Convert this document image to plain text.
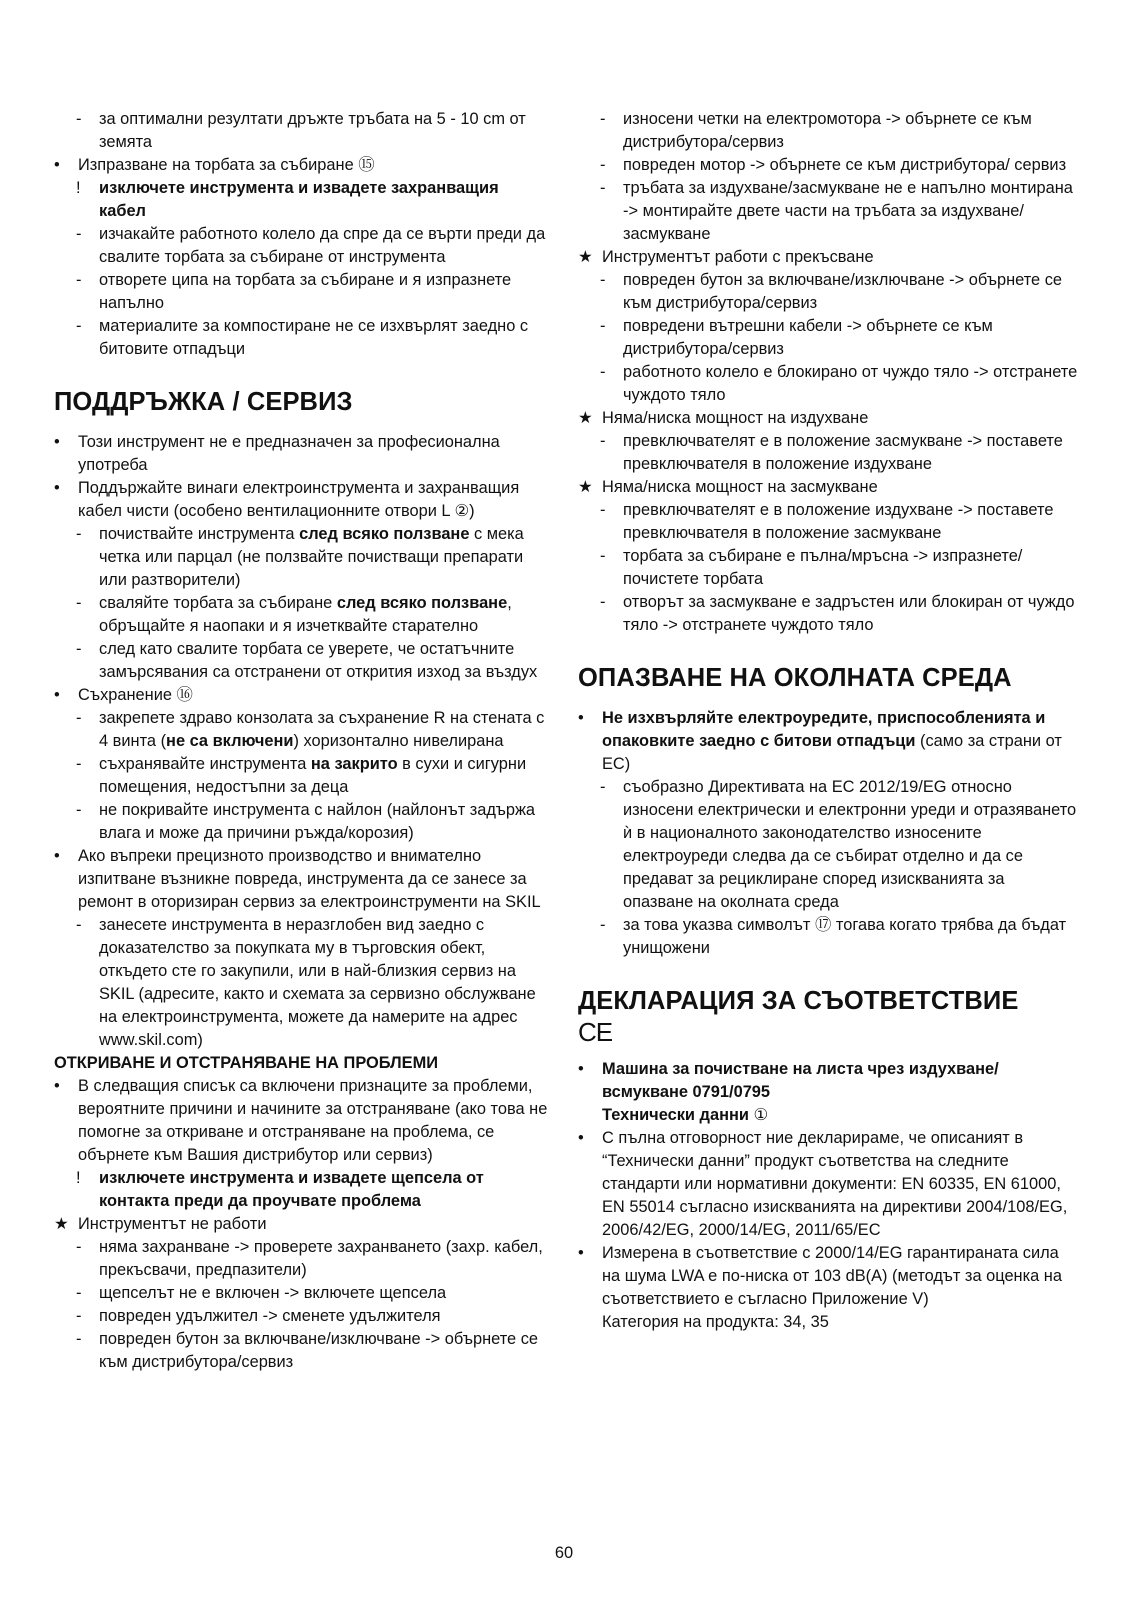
- за оптимални резултати дръжте тръбата на 5 - 10 cm от земята
• Изпразване на торбата за събиране ⑮
! изключете инструмента и извадете захранващия кабел
- изчакайте работното колело да спре да се върти преди да свалите торбата за събиране от инструмента
- отворете ципа на торбата за събиране и я изпразнете напълно
- материалите за компостиране не се изхвърлят заедно с битовите отпадъци
ПОДДРЪЖКА / СЕРВИЗ
• Този инструмент не е предназначен за професионална употреба
• Поддържайте винаги електроинструмента и захранващия кабел чисти (особено вентилационните отвори L ②)
- почиствайте инструмента след всяко ползване с мека четка или парцал (не ползвайте почистващи препарати или разтворители)
- сваляйте торбата за събиране след всяко ползване, обръщайте я наопаки и я изчетквайте старателно
- след като свалите торбата се уверете, че остатъчните замърсявания са отстранени от откриτия изход за въздух
• Съхранение ⑯
- закрепете здраво конзолата за съхранение R на стената с 4 винта (не са включени) хоризонтално нивелирана
- съхранявайте инструмента на закрито в сухи и сигурни помещения, недостъпни за деца
- не покривайте инструмента с найлон (найлонът задържа влага и може да причини ръжда/корозия)
• Ако въпреки прецизното производство и внимателно изпитване възникне повреда, инструмента да се занесе за ремонт в оторизиран сервиз за електроинструменти на SKIL
- занесете инструмента в неразглобен вид заедно с доказателство за покупката му в търговския обект, откъдето сте го закупили, или в най-близкия сервиз на SKIL (адресите, както и схемата за сервизно обслужване на електроинструмента, можете да намерите на адрес www.skil.com)
ОТКРИВАНЕ И ОТСТРАНЯВАНЕ НА ПРОБЛЕМИ
• В следващия списък са включени признаците за проблеми, вероятните причини и начините за отстраняване (ако това не помогне за откриване и отстраняване на проблема, се обърнете към Вашия дистрибутор или сервиз)
! изключете инструмента и извадете щепсела от контакта преди да проучвате проблема
★ Инструментът не работи
- няма захранване -> проверете захранването (захр. кабел, прекъсвачи, предпазители)
- щепселът не е включен -> включете щепсела
- повреден удължител -> сменете удължителя
- повреден бутон за включване/изключване -> обърнете се към дистрибутора/сервиз
- износени четки на електромотора -> обърнете се към дистрибутора/сервиз
- повреден мотор -> обърнете се към дистрибутора/ сервиз
- тръбата за издухване/засмукване не е напълно монтирана -> монтирайте двете части на тръбата за издухване/засмукване
★ Инструментът работи с прекъсване
- повреден бутон за включване/изключване -> обърнете се към дистрибутора/сервиз
- повредени вътрешни кабели -> обърнете се към дистрибутора/сервиз
- работното колело е блокирано от чуждо тяло -> отстранете чуждото тяло
★ Няма/ниска мощност на издухване
- превключвателят е в положение засмукване -> поставете превключвателя в положение издухване
★ Няма/ниска мощност на засмукване
- превключвателят е в положение издухване -> поставете превключвателя в положение засмукване
- торбата за събиране е пълна/мръсна -> изпразнете/почистете торбата
- отворът за засмукване е задръстен или блокиран от чуждо тяло -> отстранете чуждото тяло
ОПАЗВАНЕ НА ОКОЛНАТА СРЕДА
• Не изхвърляйте електроуредите, приспособленията и опаковките заедно с битови отпадъци (само за страни от ЕС)
- съобразно Директивата на ЕС 2012/19/EG относно износени електрически и електронни уреди и отразяването ѝ в националното законодателство износените електроуреди следва да се събират отделно и да се предават за рециклиране според изискванията за опазване на околната среда
- за това указва символът ⑰ тогава когато трябва да бъдат унищожени
ДЕКЛАРАЦИЯ ЗА СЪОТВЕТСТВИЕ
CE
• Машина за почистване на листа чрез издухване/ всмукване 0791/0795
Технически данни ①
• С пълна отговорност ние декларираме, че описаният в “Технически данни” продукт съответства на следните стандарти или нормативни документи: EN 60335, EN 61000, EN 55014 съгласно изискванията на директиви 2004/108/EG, 2006/42/EG, 2000/14/EG, 2011/65/EC
• Измерена в съответствие с 2000/14/EG гарантираната сила на шума LWA е по-ниска от 103 dB(A) (методът за оценка на съответствието е съгласно Приложение V)
Категория на продукта: 34, 35
60
